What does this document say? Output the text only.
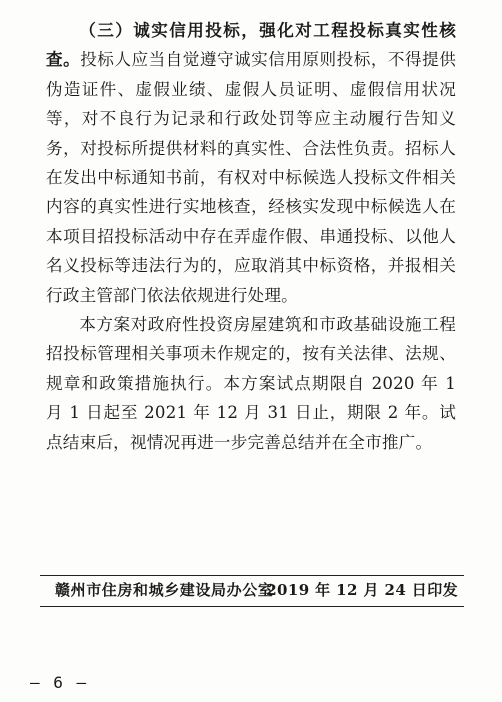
（三）诚实信用投标，强化对工程投标真实性核查。投标人应当自觉遵守诚实信用原则投标，不得提供伪造证件、虚假业绩、虚假人员证明、虚假信用状况等，对不良行为记录和行政处罚等应主动履行告知义务，对投标所提供材料的真实性、合法性负责。招标人在发出中标通知书前，有权对中标候选人投标文件相关内容的真实性进行实地核查，经核实发现中标候选人在本项目招投标活动中存在弄虚作假、串通投标、以他人名义投标等违法行为的，应取消其中标资格，并报相关行政主管部门依法依规进行处理。

本方案对政府性投资房屋建筑和市政基础设施工程招投标管理相关事项未作规定的，按有关法律、法规、规章和政策措施执行。本方案试点期限自 2020 年 1 月 1 日起至 2021 年 12 月 31 日止，期限 2 年。试点结束后，视情况再进一步完善总结并在全市推广。

赣州市住房和城乡建设局办公室
2019 年 12 月 24 日印发
– 6 –
